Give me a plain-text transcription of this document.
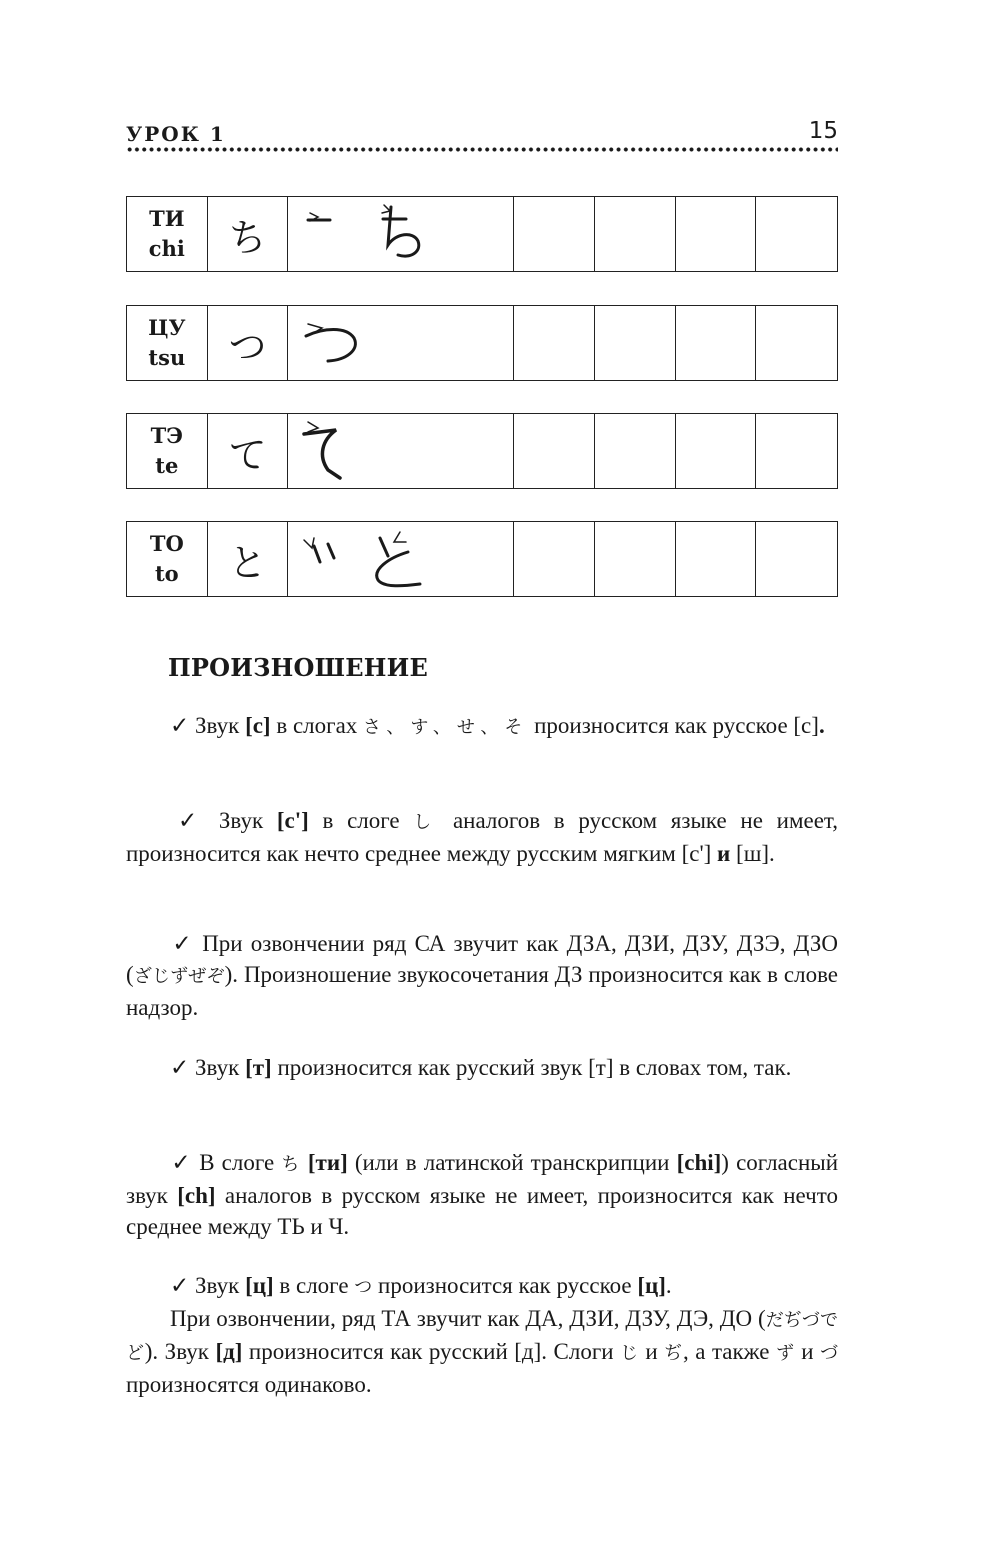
УРОК 1	15
ТИ
chi ち
ЦУ
tsu つ
ТЭ
te て
ТО
to と
ПРОИЗНОШЕНИЕ
✓ Звук [с] в слогах さ、す、せ、そ произносится как русское [с].
✓ Звук [с'] в слоге し аналогов в русском языке не имеет, произносится как нечто среднее между русским мягким [с'] и [ш].
✓ При озвончении ряд СА звучит как ДЗА, ДЗИ, ДЗУ, ДЗЭ, ДЗО (ざじずぜぞ). Произношение звукосочетания ДЗ произносится как в слове надзор.
✓ Звук [т] произносится как русский звук [т] в словах том, так.
✓ В слоге ち [ти] (или в латинской транскрипции [chi]) согласный звук [ch] аналогов в русском языке не имеет, произносится как нечто среднее между ТЬ и Ч.
✓ Звук [ц] в слоге つ произносится как русское [ц].
При озвончении, ряд ТА звучит как ДА, ДЗИ, ДЗУ, ДЭ, ДО (だぢづでど). Звук [д] произносится как русский [д]. Слоги じ и ぢ, а также ず и づ произносятся одинаково.
